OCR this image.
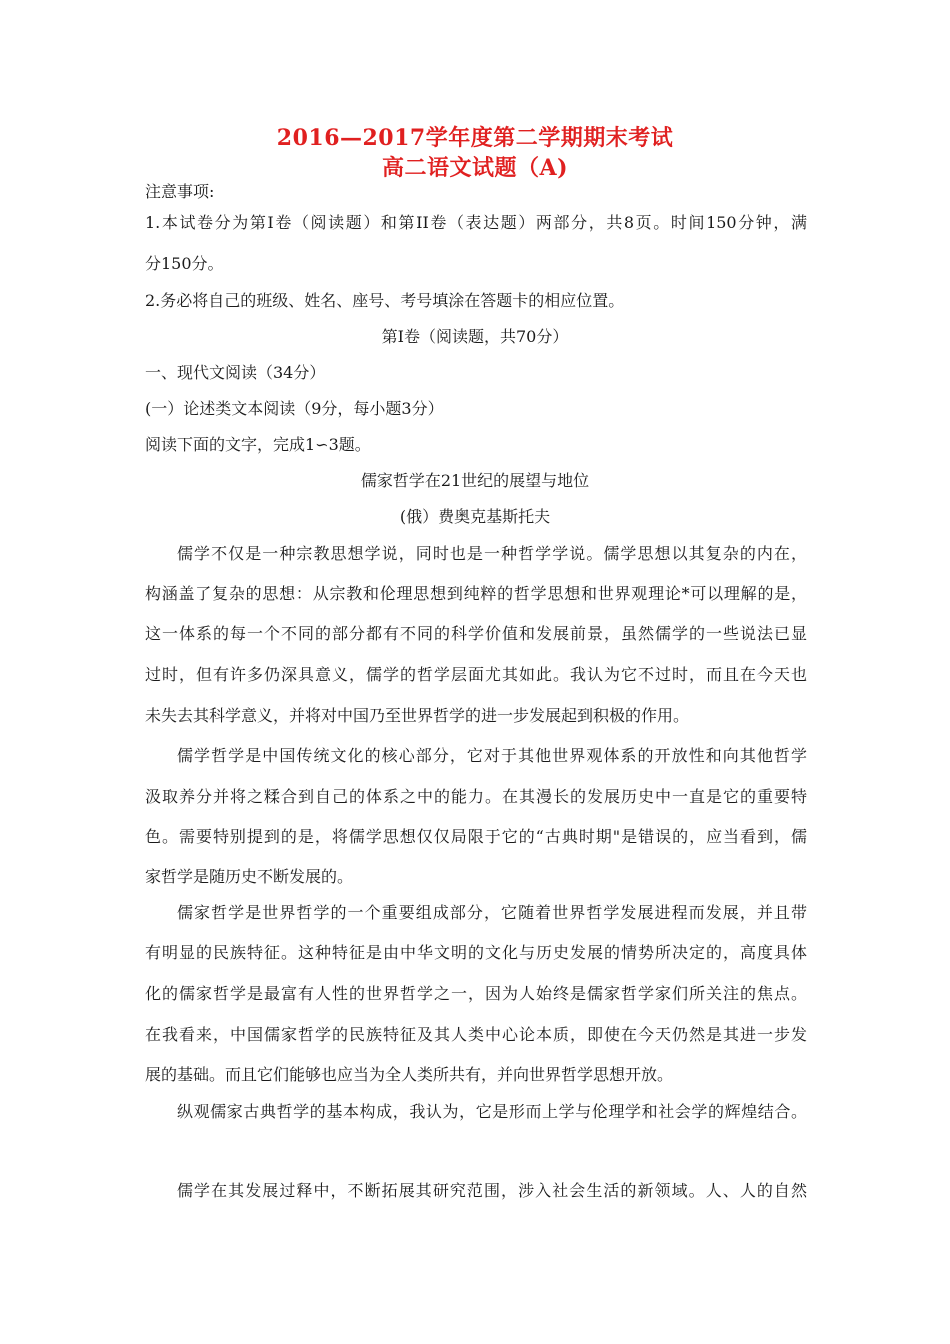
2016—2017学年度第二学期期末考试
高二语文试题（A)
注意事项:
1.本试卷分为第Ⅰ卷（阅读题）和第II卷（表达题）两部分，共8页。时间150分钟，满
分150分。
2.务必将自己的班级、姓名、座号、考号填涂在答题卡的相应位置。
第Ⅰ卷（阅读题，共70分）
一、现代文阅读（34分）
(一）论述类文本阅读（9分，每小题3分）
阅读下面的文字，完成1∽3题。
儒家哲学在21世纪的展望与地位
(俄）费奥克基斯托夫
儒学不仅是一种宗教思想学说，同时也是一种哲学学说。儒学思想以其复杂的内在，
构涵盖了复杂的思想：从宗教和伦理思想到纯粹的哲学思想和世界观理论*可以理解的是，
这一体系的每一个不同的部分都有不同的科学价值和发展前景，虽然儒学的一些说法已显
过时，但有许多仍深具意义，儒学的哲学层面尤其如此。我认为它不过时，而且在今天也
未失去其科学意义，并将对中国乃至世界哲学的进一步发展起到积极的作用。
儒学哲学是中国传统文化的核心部分，它对于其他世界观体系的开放性和向其他哲学
汲取养分并将之糅合到自己的体系之中的能力。在其漫长的发展历史中一直是它的重要特
色。需要特别提到的是，将儒学思想仅仅局限于它的“古典时期"是错误的，应当看到，儒
家哲学是随历史不断发展的。
儒家哲学是世界哲学的一个重要组成部分，它随着世界哲学发展进程而发展，并且带
有明显的民族特征。这种特征是由中华文明的文化与历史发展的情势所决定的，高度具体
化的儒家哲学是最富有人性的世界哲学之一，因为人始终是儒家哲学家们所关注的焦点。
在我看来，中国儒家哲学的民族特征及其人类中心论本质，即使在今天仍然是其进一步发
展的基础。而且它们能够也应当为全人类所共有，并向世界哲学思想开放。
纵观儒家古典哲学的基本构成，我认为，它是形而上学与伦理学和社会学的辉煌结合。
儒学在其发展过释中，不断拓展其研究范围，涉入社会生活的新领域。人、人的自然
